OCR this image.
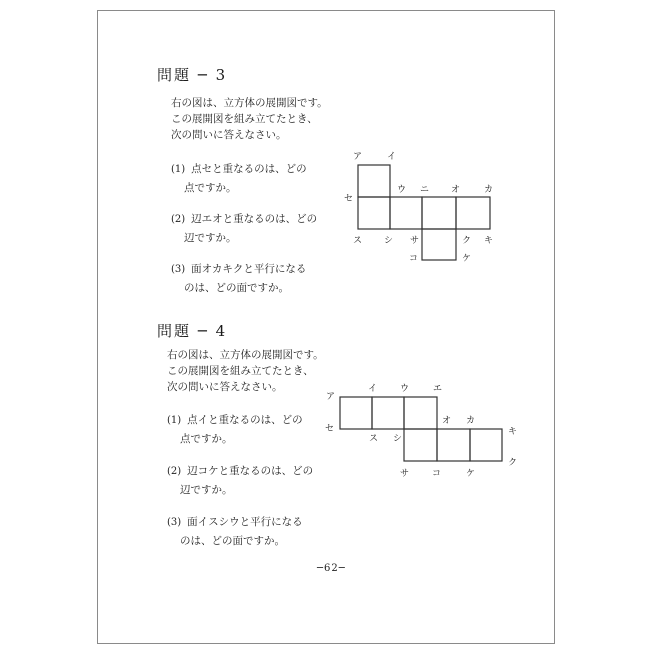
問題 ─ 3
右の図は、立方体の展開図です。
この展開図を組み立てたとき、
次の問いに答えなさい。
(1) 点セと重なるのは、どの
点ですか。
(2) 辺エオと重なるのは、どの
辺ですか。
(3) 面オカキクと平行になる
のは、どの面ですか。
ア	イ
ウ ニ オ	カ
セ
ス シ サ	ク キ
コ	ケ
問題 ─ 4
右の図は、立方体の展開図です。
この展開図を組み立てたとき、
次の問いに答えなさい。
(1) 点イと重なるのは、どの
点ですか。
(2) 辺コケと重なるのは、どの
辺ですか。
(3) 面イスシウと平行になる
のは、どの面ですか。
ア
イ	ウ	エ
オ カ
キ
セ
ス シ
ク
サ	コ	ケ
─62─
